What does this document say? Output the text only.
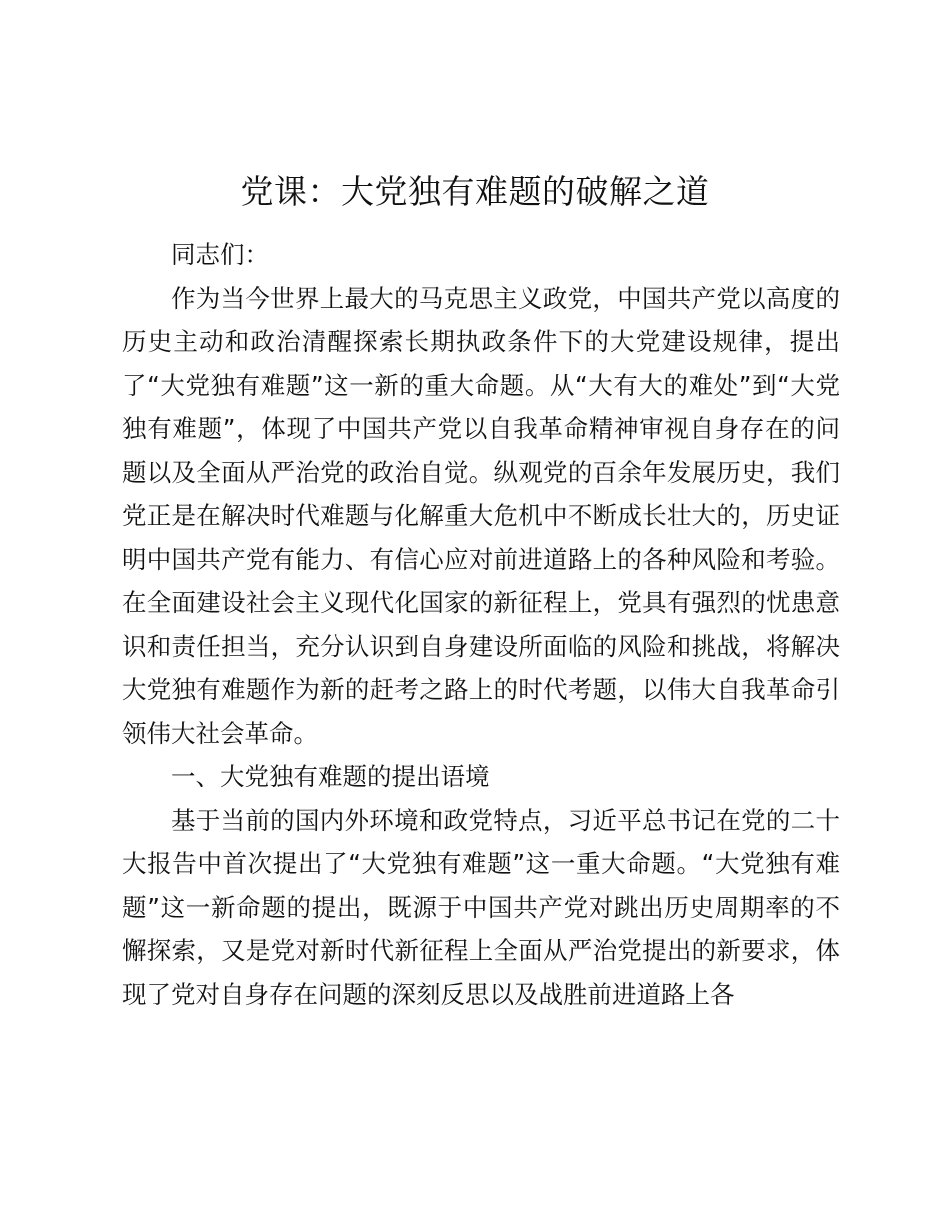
党课：大党独有难题的破解之道

同志们：

作为当今世界上最大的马克思主义政党，中国共产党以高度的历史主动和政治清醒探索长期执政条件下的大党建设规律，提出了“大党独有难题”这一新的重大命题。从“大有大的难处”到“大党独有难题”，体现了中国共产党以自我革命精神审视自身存在的问题以及全面从严治党的政治自觉。纵观党的百余年发展历史，我们党正是在解决时代难题与化解重大危机中不断成长壮大的，历史证明中国共产党有能力、有信心应对前进道路上的各种风险和考验。在全面建设社会主义现代化国家的新征程上，党具有强烈的忧患意识和责任担当，充分认识到自身建设所面临的风险和挑战，将解决大党独有难题作为新的赶考之路上的时代考题，以伟大自我革命引领伟大社会革命。

一、大党独有难题的提出语境

基于当前的国内外环境和政党特点，习近平总书记在党的二十大报告中首次提出了“大党独有难题”这一重大命题。“大党独有难题”这一新命题的提出，既源于中国共产党对跳出历史周期率的不懈探索，又是党对新时代新征程上全面从严治党提出的新要求，体现了党对自身存在问题的深刻反思以及战胜前进道路上各
